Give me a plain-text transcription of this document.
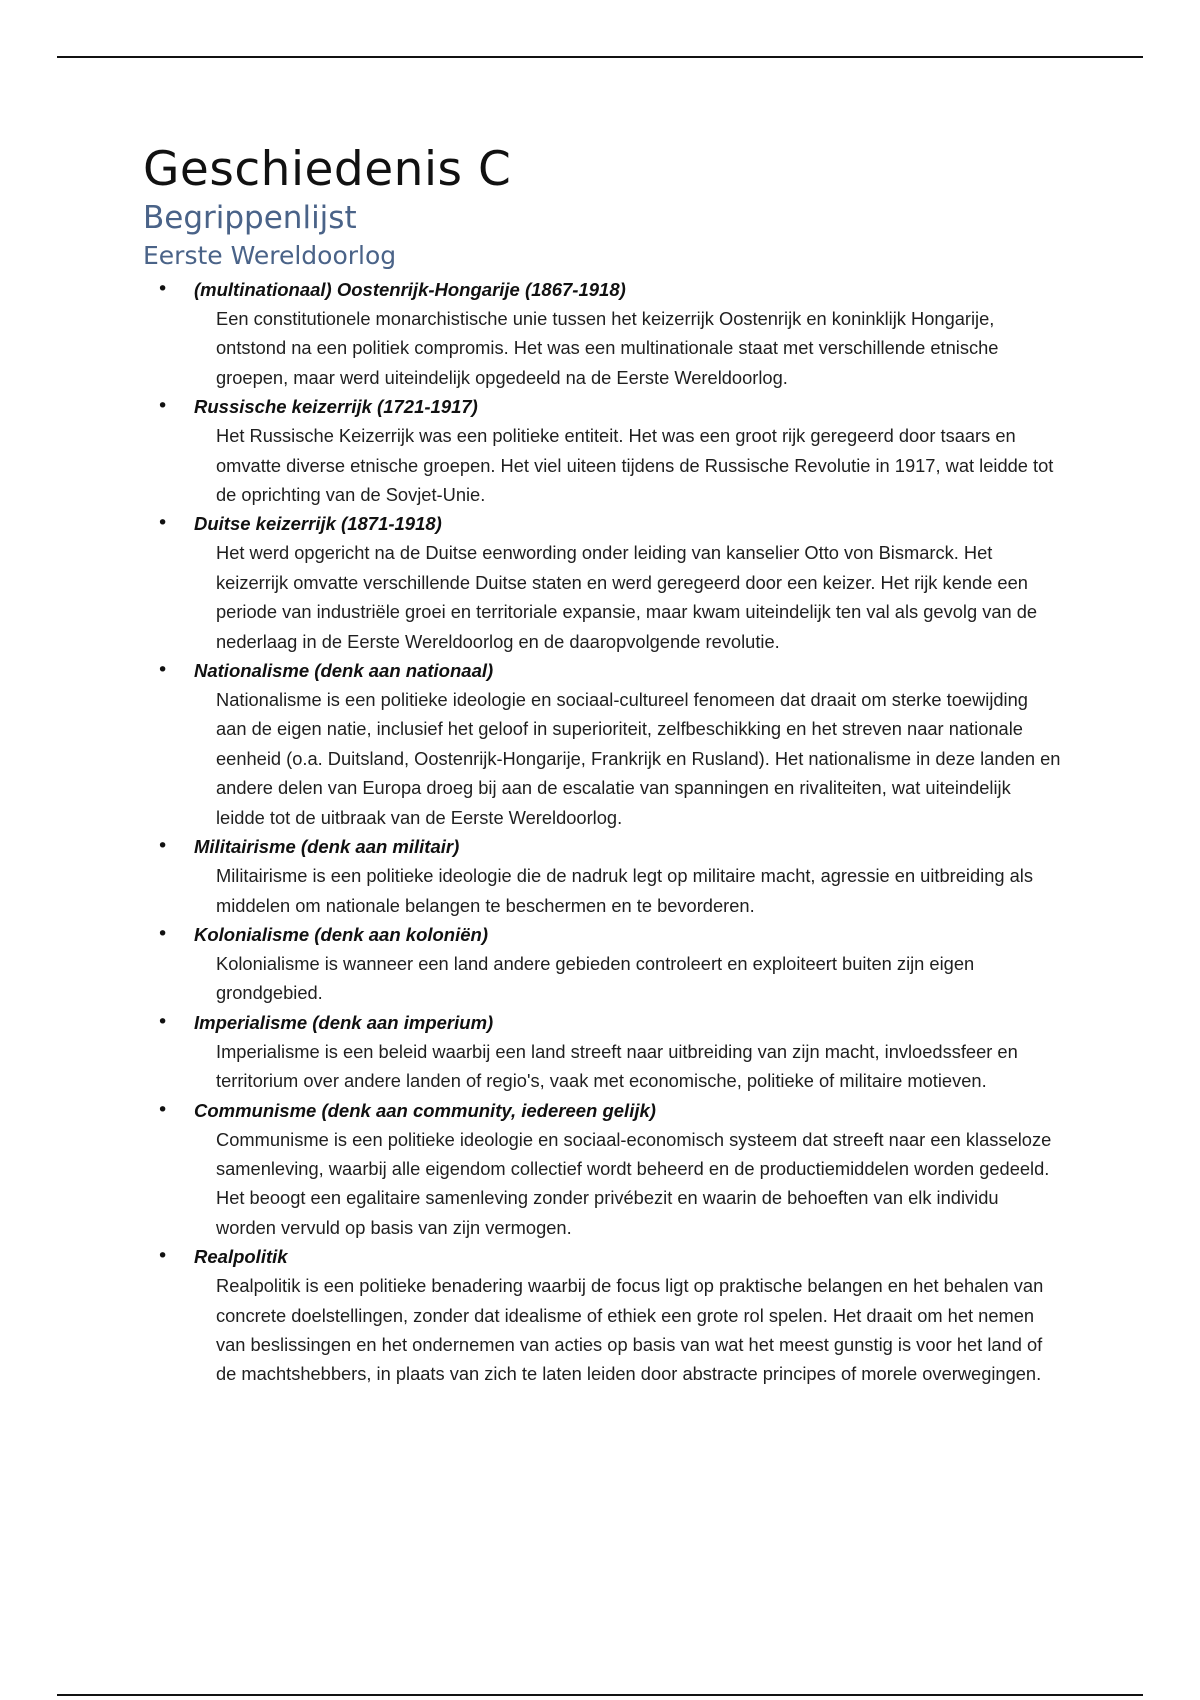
Geschiedenis C
Begrippenlijst
Eerste Wereldoorlog
• (multinationaal) Oostenrijk-Hongarije (1867-1918)
Een constitutionele monarchistische unie tussen het keizerrijk Oostenrijk en koninklijk Hongarije, ontstond na een politiek compromis. Het was een multinationale staat met verschillende etnische groepen, maar werd uiteindelijk opgedeeld na de Eerste Wereldoorlog.
• Russische keizerrijk (1721-1917)
Het Russische Keizerrijk was een politieke entiteit. Het was een groot rijk geregeerd door tsaars en omvatte diverse etnische groepen. Het viel uiteen tijdens de Russische Revolutie in 1917, wat leidde tot de oprichting van de Sovjet-Unie.
• Duitse keizerrijk (1871-1918)
Het werd opgericht na de Duitse eenwording onder leiding van kanselier Otto von Bismarck. Het keizerrijk omvatte verschillende Duitse staten en werd geregeerd door een keizer. Het rijk kende een periode van industriële groei en territoriale expansie, maar kwam uiteindelijk ten val als gevolg van de nederlaag in de Eerste Wereldoorlog en de daaropvolgende revolutie.
• Nationalisme (denk aan nationaal)
Nationalisme is een politieke ideologie en sociaal-cultureel fenomeen dat draait om sterke toewijding aan de eigen natie, inclusief het geloof in superioriteit, zelfbeschikking en het streven naar nationale eenheid (o.a. Duitsland, Oostenrijk-Hongarije, Frankrijk en Rusland). Het nationalisme in deze landen en andere delen van Europa droeg bij aan de escalatie van spanningen en rivaliteiten, wat uiteindelijk leidde tot de uitbraak van de Eerste Wereldoorlog.
• Militairisme (denk aan militair)
Militairisme is een politieke ideologie die de nadruk legt op militaire macht, agressie en uitbreiding als middelen om nationale belangen te beschermen en te bevorderen.
• Kolonialisme (denk aan koloniën)
Kolonialisme is wanneer een land andere gebieden controleert en exploiteert buiten zijn eigen grondgebied.
• Imperialisme (denk aan imperium)
Imperialisme is een beleid waarbij een land streeft naar uitbreiding van zijn macht, invloedssfeer en territorium over andere landen of regio's, vaak met economische, politieke of militaire motieven.
• Communisme (denk aan community, iedereen gelijk)
Communisme is een politieke ideologie en sociaal-economisch systeem dat streeft naar een klasseloze samenleving, waarbij alle eigendom collectief wordt beheerd en de productiemiddelen worden gedeeld. Het beoogt een egalitaire samenleving zonder privébezit en waarin de behoeften van elk individu worden vervuld op basis van zijn vermogen.
• Realpolitik
Realpolitik is een politieke benadering waarbij de focus ligt op praktische belangen en het behalen van concrete doelstellingen, zonder dat idealisme of ethiek een grote rol spelen. Het draait om het nemen van beslissingen en het ondernemen van acties op basis van wat het meest gunstig is voor het land of de machtshebbers, in plaats van zich te laten leiden door abstracte principes of morele overwegingen.
